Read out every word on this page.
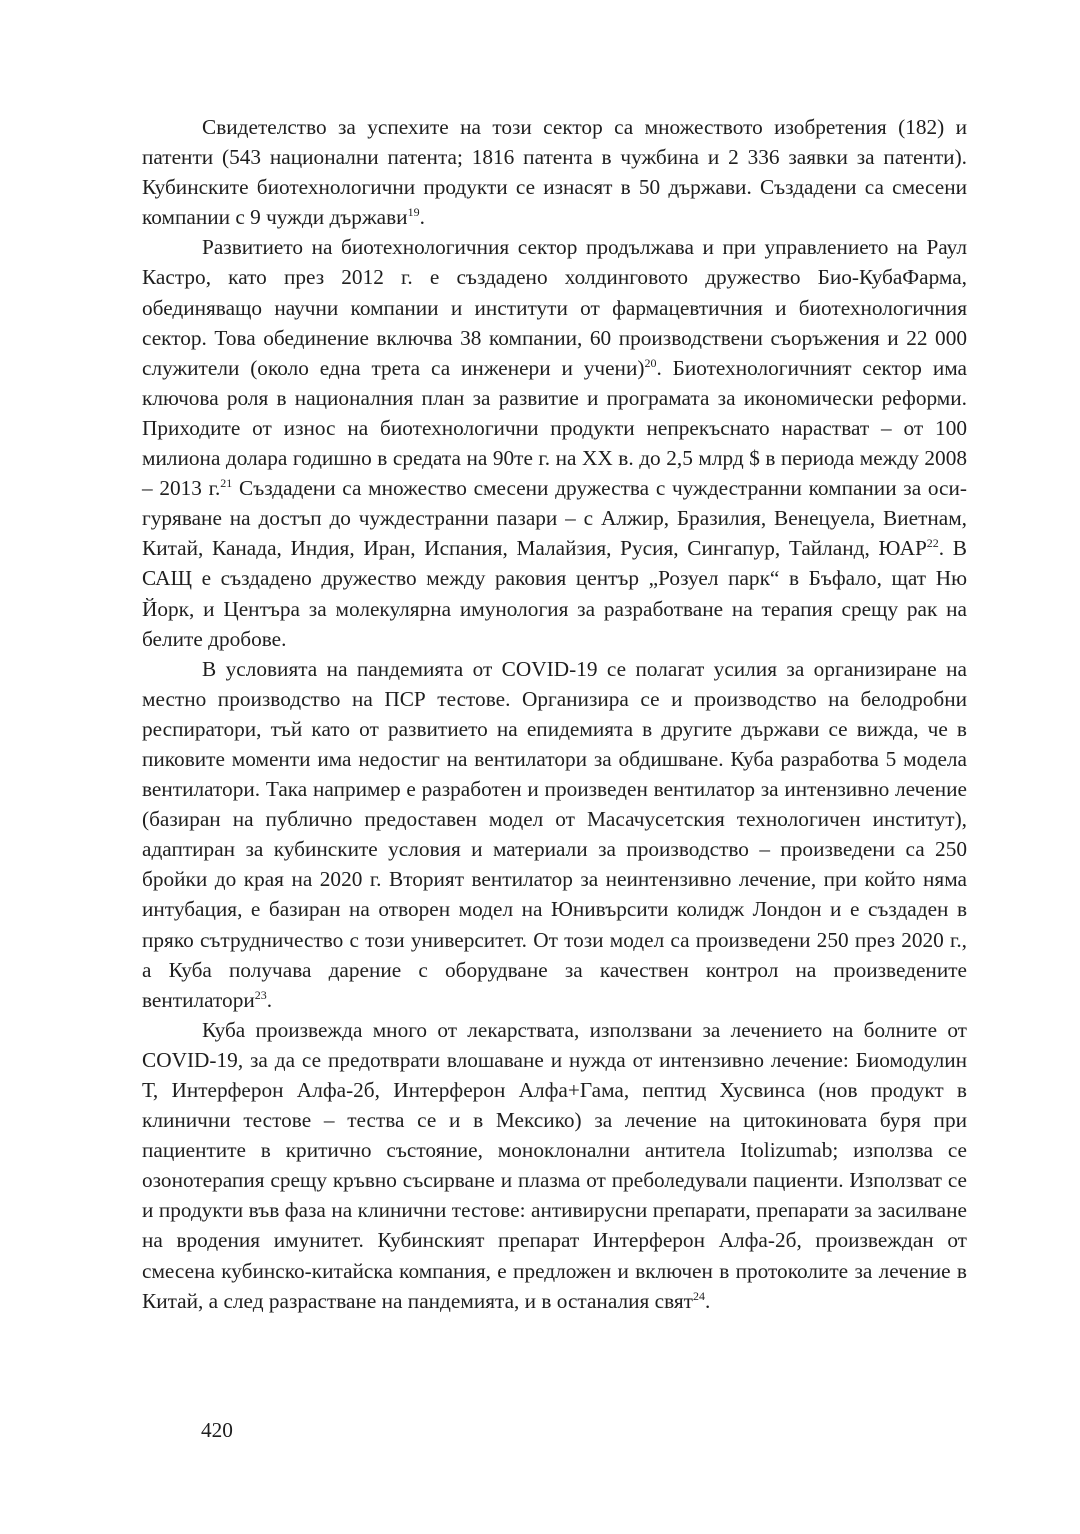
Свидетелство за успехите на този сектор са множеството изобретения (182) и патенти (543 национални патента; 1816 патента в чужбина и 2 336 заявки за патенти). Кубинските биотехнологични продукти се изнасят в 50 държави. Създадени са смесени компании с 9 чужди държави$^{19}$.

Развитието на биотехнологичния сектор продължава и при управлението на Раул Кастро, като през 2012 г. е създадено холдинговото дружество Био-КубаФарма, обединяващо научни компании и институти от фармацевтичния и биотехнологичния сектор. Това обединение включва 38 компании, 60 производствени съоръжения и 22 000 служители (около една трета са инженери и учени)$^{20}$. Биотехнологичният сектор има ключова роля в националния план за развитие и програмата за икономически реформи. Приходите от износ на биотехнологични продукти непрекъснато нарастват – от 100 милиона долара годишно в средата на 90те г. на XX в. до 2,5 млрд $ в периода между 2008 – 2013 г.$^{21}$ Създадени са множество смесени дружества с чуждестранни компании за осигуряване на достъп до чуждестранни пазари – с Алжир, Бразилия, Венецуела, Виетнам, Китай, Канада, Индия, Иран, Испания, Малайзия, Русия, Сингапур, Тайланд, ЮАР$^{22}$. В САЩ е създадено дружество между раковия център „Розуел парк“ в Бъфало, щат Ню Йорк, и Центъра за молекулярна имунология за разработване на терапия срещу рак на белите дробове.

В условията на пандемията от COVID-19 се полагат усилия за организиране на местно производство на ПСР тестове. Организира се и производство на белодробни респиратори, тъй като от развитието на епидемията в другите държави се вижда, че в пиковите моменти има недостиг на вентилатори за обдишване. Куба разработва 5 модела вентилатори. Така например е разработен и произведен вентилатор за интензивно лечение (базиран на публично предоставен модел от Масачусетския технологичен институт), адаптиран за кубинските условия и материали за производство – произведени са 250 бройки до края на 2020 г. Вторият вентилатор за неинтензивно лечение, при който няма интубация, е базиран на отворен модел на Юнивърсити колидж Лондон и е създаден в пряко сътрудничество с този университет. От този модел са произведени 250 през 2020 г., а Куба получава дарение с оборудване за качествен контрол на произведените вентилатори$^{23}$.

Куба произвежда много от лекарствата, използвани за лечението на болните от COVID-19, за да се предотврати влошаване и нужда от интензивно лечение: Биомодулин Т, Интерферон Алфа-2б, Интерферон Алфа+Гама, пептид Хусвинса (нов продукт в клинични тестове – тества се и в Мексико) за лечение на цитокиновата буря при пациентите в критично състояние, моноклонални антитела Itolizumab; използва се озонотерапия срещу кръвно съсирване и плазма от преболедували пациенти. Използват се и продукти във фаза на клинични тестове: антивирусни препарати, препарати за засилване на вродения имунитет. Кубинският препарат Интерферон Алфа-2б, произвеждан от смесена кубинско-китайска компания, е предложен и включен в протоколите за лечение в Китай, а след разрастване на пандемията, и в останалия свят$^{24}$.

420
